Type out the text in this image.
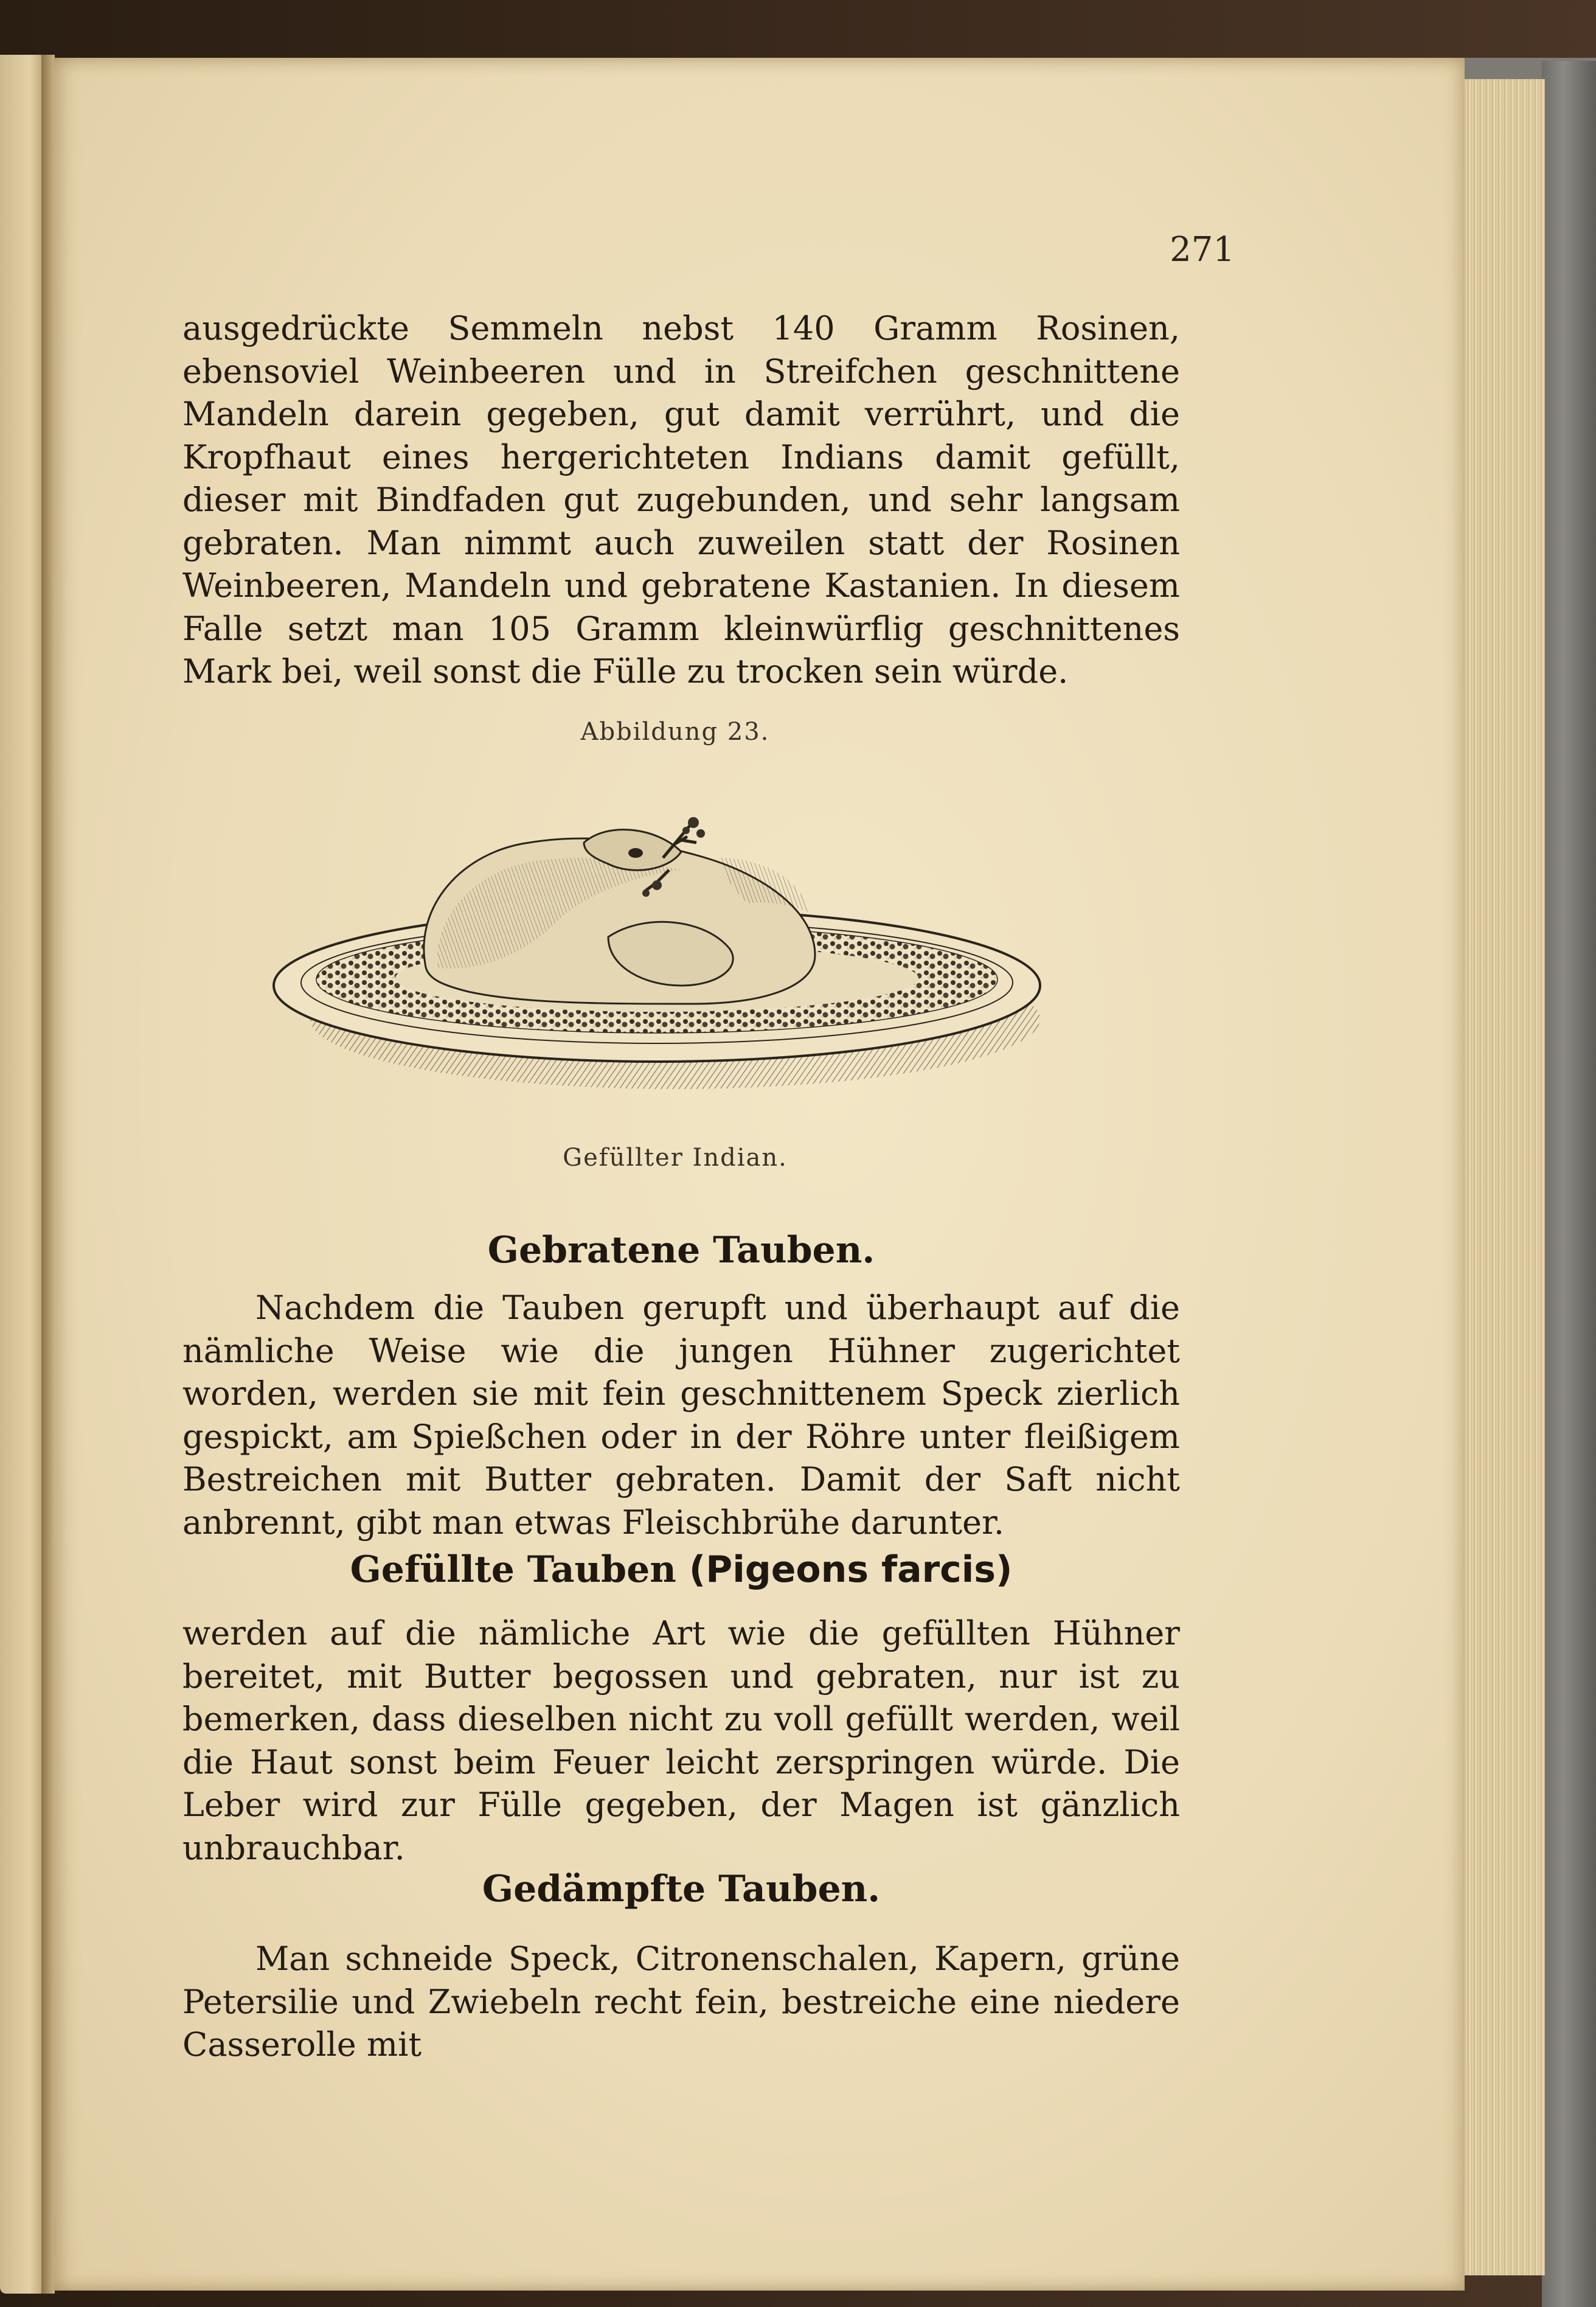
271

ausgedrückte Semmeln nebst 140 Gramm Rosinen, ebensoviel Weinbeeren und in Streifchen geschnittene Mandeln darein gegeben, gut damit verrührt, und die Kropfhaut eines hergerichteten Indians damit gefüllt, dieser mit Bindfaden gut zugebunden, und sehr langsam gebraten. Man nimmt auch zuweilen statt der Rosinen Weinbeeren, Mandeln und gebratene Kastanien. In diesem Falle setzt man 105 Gramm kleinwürflig geschnittenes Mark bei, weil sonst die Fülle zu trocken sein würde.

Abbildung 23.
Gefüllter Indian.
Gebratene Tauben.

Nachdem die Tauben gerupft und überhaupt auf die nämliche Weise wie die jungen Hühner zugerichtet worden, werden sie mit fein geschnittenem Speck zierlich gespickt, am Spießchen oder in der Röhre unter fleißigem Bestreichen mit Butter gebraten. Damit der Saft nicht anbrennt, gibt man etwas Fleischbrühe darunter.

Gefüllte Tauben (Pigeons farcis)

werden auf die nämliche Art wie die gefüllten Hühner bereitet, mit Butter begossen und gebraten, nur ist zu bemerken, dass dieselben nicht zu voll gefüllt werden, weil die Haut sonst beim Feuer leicht zerspringen würde. Die Leber wird zur Fülle gegeben, der Magen ist gänzlich unbrauchbar.

Gedämpfte Tauben.

Man schneide Speck, Citronenschalen, Kapern, grüne Petersilie und Zwiebeln recht fein, bestreiche eine niedere Casserolle mit
